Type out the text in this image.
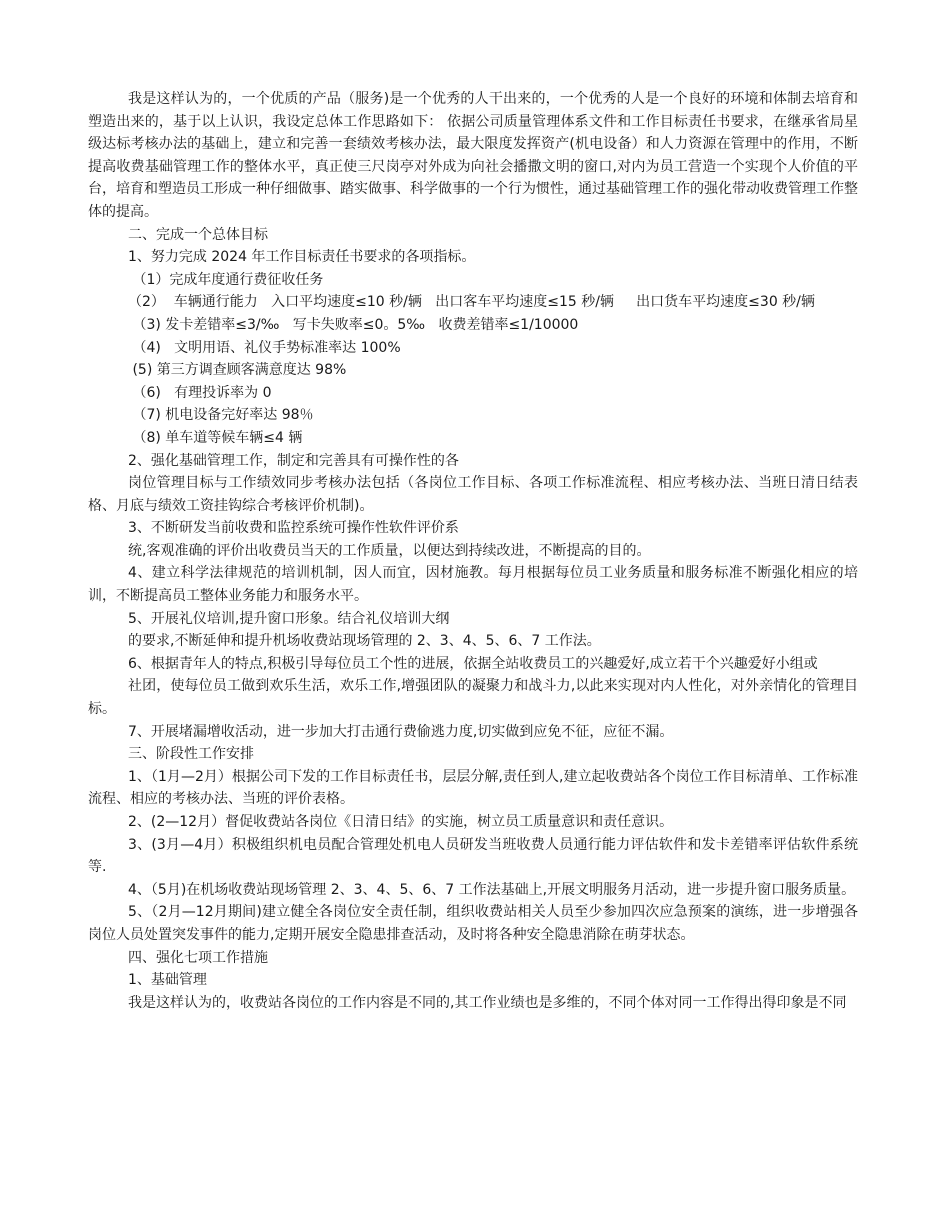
我是这样认为的，一个优质的产品（服务)是一个优秀的人干出来的，一个优秀的人是一个良好的环境和体制去培育和塑造出来的，基于以上认识，我设定总体工作思路如下： 依据公司质量管理体系文件和工作目标责任书要求，在继承省局星级达标考核办法的基础上，建立和完善一套绩效考核办法，最大限度发挥资产(机电设备）和人力资源在管理中的作用，不断提高收费基础管理工作的整体水平，真正使三尺岗亭对外成为向社会播撒文明的窗口,对内为员工营造一个实现个人价值的平台，培育和塑造员工形成一种仔细做事、踏实做事、科学做事的一个行为惯性，通过基础管理工作的强化带动收费管理工作整体的提高。

二、完成一个总体目标

1、努力完成 2024 年工作目标责任书要求的各项指标。

（1）完成年度通行费征收任务

（2）  车辆通行能力   入口平均速度≤10 秒/辆   出口客车平均速度≤15 秒/辆     出口货车平均速度≤30 秒/辆

（3) 发卡差错率≤3/‰   写卡失败率≤0。5‰   收费差错率≤1/10000

（4)   文明用语、礼仪手势标准率达 100%

(5) 第三方调查顾客满意度达 98%

（6)   有理投诉率为 0

（7) 机电设备完好率达 98％

（8) 单车道等候车辆≤4 辆

2、强化基础管理工作，制定和完善具有可操作性的各

岗位管理目标与工作绩效同步考核办法包括（各岗位工作目标、各项工作标准流程、相应考核办法、当班日清日结表格、月底与绩效工资挂钩综合考核评价机制)。

3、不断研发当前收费和监控系统可操作性软件评价系

统,客观准确的评价出收费员当天的工作质量，以便达到持续改进，不断提高的目的。

4、建立科学法律规范的培训机制，因人而宜，因材施教。每月根据每位员工业务质量和服务标准不断强化相应的培训，不断提高员工整体业务能力和服务水平。

5、开展礼仪培训,提升窗口形象。结合礼仪培训大纲

的要求,不断延伸和提升机场收费站现场管理的 2、3、4、5、6、7 工作法。

6、根据青年人的特点,积极引导每位员工个性的进展，依据全站收费员工的兴趣爱好,成立若干个兴趣爱好小组或

社团，使每位员工做到欢乐生活，欢乐工作,增强团队的凝聚力和战斗力,以此来实现对内人性化，对外亲情化的管理目标。

7、开展堵漏增收活动，进一步加大打击通行费偷逃力度,切实做到应免不征，应征不漏。

三、阶段性工作安排

1、（1月—2月）根据公司下发的工作目标责任书，层层分解,责任到人,建立起收费站各个岗位工作目标清单、工作标准流程、相应的考核办法、当班的评价表格。

2、(2—12月）督促收费站各岗位《日清日结》的实施，树立员工质量意识和责任意识。

3、(3月—4月）积极组织机电员配合管理处机电人员研发当班收费人员通行能力评估软件和发卡差错率评估软件系统等.

4、（5月)在机场收费站现场管理 2、3、4、5、6、7 工作法基础上,开展文明服务月活动，进一步提升窗口服务质量。

5、（2月—12月期间)建立健全各岗位安全责任制，组织收费站相关人员至少参加四次应急预案的演练，进一步增强各岗位人员处置突发事件的能力,定期开展安全隐患排查活动，及时将各种安全隐患消除在萌芽状态。

四、强化七项工作措施

1、基础管理

我是这样认为的，收费站各岗位的工作内容是不同的,其工作业绩也是多维的，不同个体对同一工作得出得印象是不同
